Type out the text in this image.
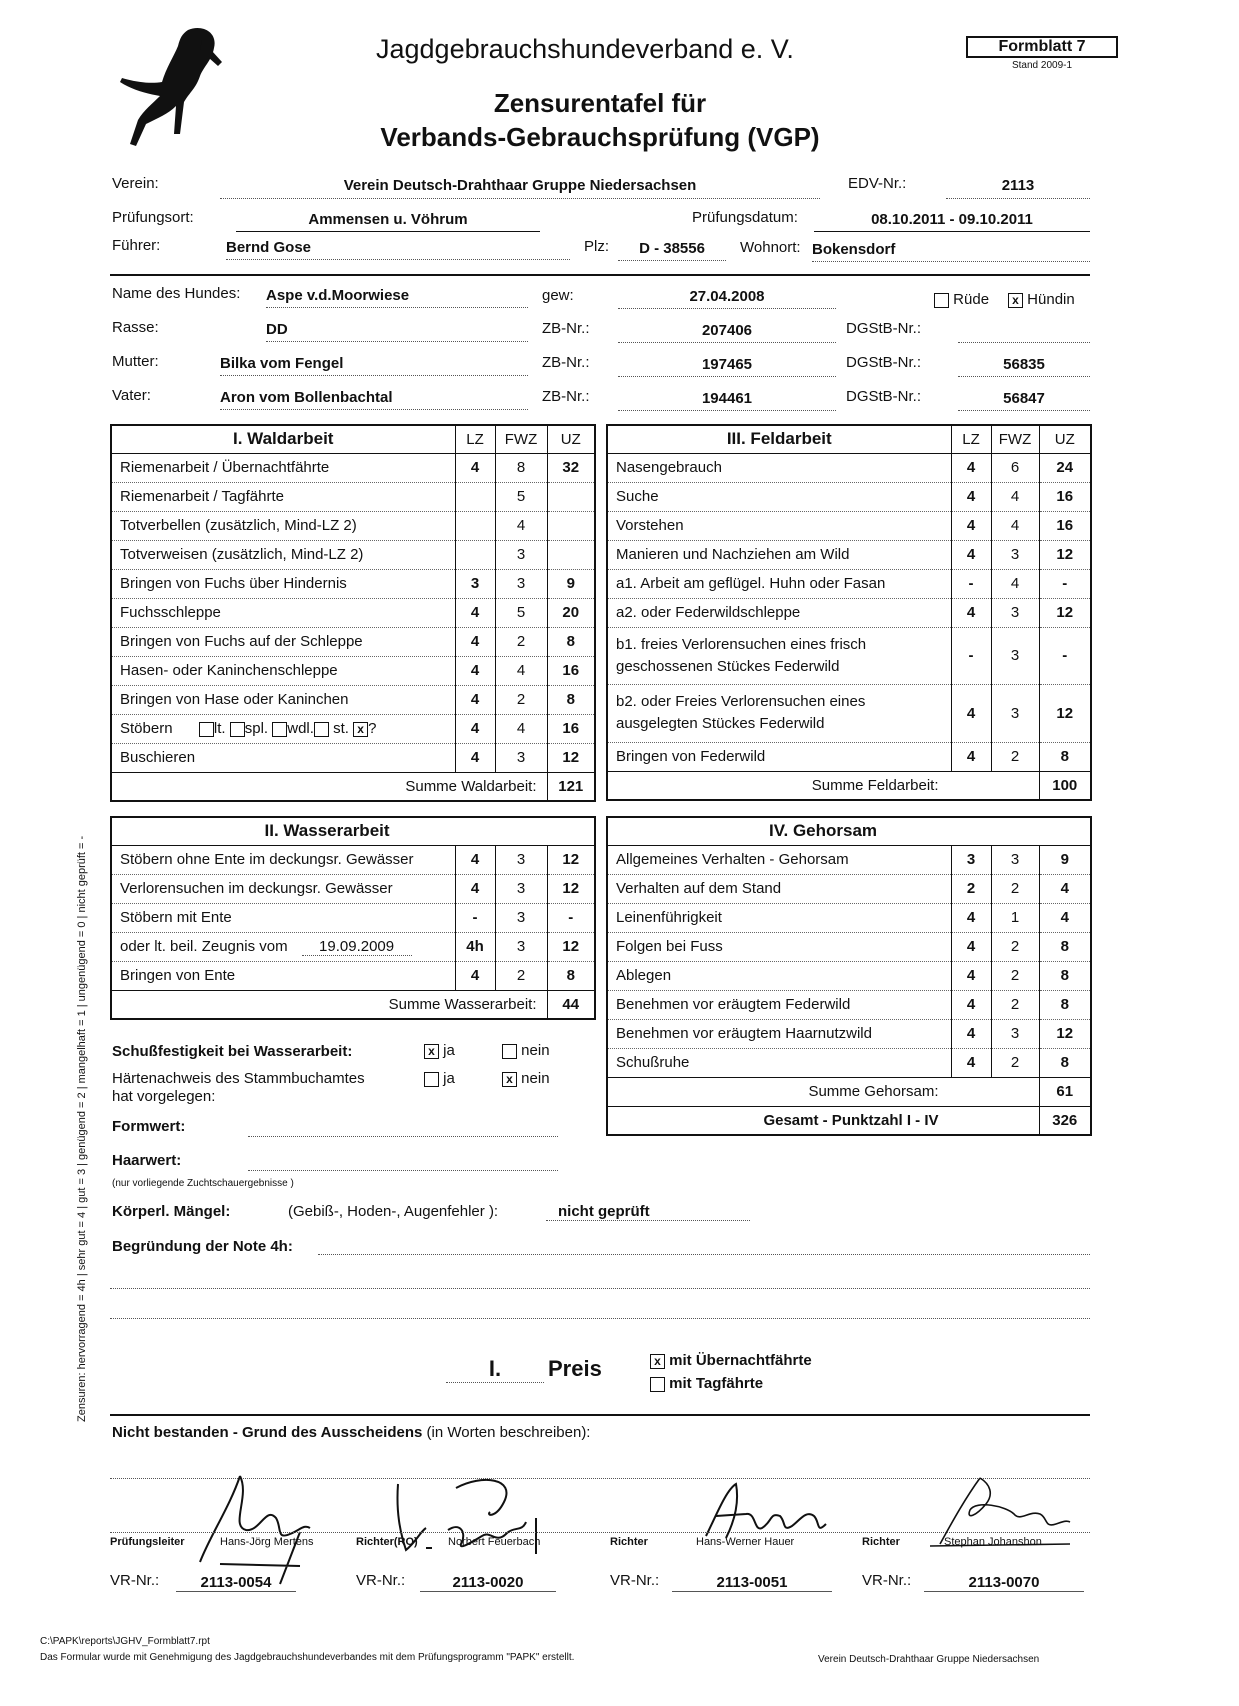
Jagdgebrauchshundeverband e. V.
Zensurentafel für
Verbands-Gebrauchsprüfung (VGP)
Formblatt 7
Stand 2009-1
Verein:	Verein Deutsch-Drahthaar Gruppe Niedersachsen	EDV-Nr.:	2113
Prüfungsort:	Ammensen u. Vöhrum	Prüfungsdatum:	08.10.2011 - 09.10.2011
Führer:	Bernd Gose	Plz:	D - 38556	Wohnort: Bokensdorf
Name des Hundes: Aspe v.d.Moorwiese	gew:	27.04.2008	Rüde	x Hündin
Rasse:	DD	ZB-Nr.:	207406	DGStB-Nr.:
Mutter:	Bilka vom Fengel	ZB-Nr.:	197465	DGStB-Nr.:	56835
Vater:	Aron vom Bollenbachtal	ZB-Nr.:	194461	DGStB-Nr.:	56847
I. Waldarbeit	LZ	FWZ	UZ
Riemenarbeit / Übernachtfährte	4	8	32
Riemenarbeit / Tagfährte		5	
Totverbellen (zusätzlich, Mind-LZ 2)		4	
Totverweisen (zusätzlich, Mind-LZ 2)		3	
Bringen von Fuchs über Hindernis	3	3	9
Fuchsschleppe	4	5	20
Bringen von Fuchs auf der Schleppe	4	2	8
Hasen- oder Kaninchenschleppe	4	4	16
Bringen von Hase oder Kaninchen	4	2	8
Stöbern lt. spl. wdl. st. x ?	4	4	16
Buschieren	4	3	12
Summe Waldarbeit:			121
III. Feldarbeit	LZ	FWZ	UZ
Nasengebrauch	4	6	24
Suche	4	4	16
Vorstehen	4	4	16
Manieren und Nachziehen am Wild	4	3	12
a1. Arbeit am geflügel. Huhn oder Fasan	-	4	-
a2. oder Federwildschleppe	4	3	12
b1. freies Verlorensuchen eines frisch
geschossenen Stückes Federwild	-	3	-
b2. oder Freies Verlorensuchen eines
ausgelegten Stückes Federwild	4	3	12
Bringen von Federwild	4	2	8
Summe Feldarbeit:			100
II. Wasserarbeit			
Stöbern ohne Ente im deckungsr. Gewässer	4	3	12
Verlorensuchen im deckungsr. Gewässer	4	3	12
Stöbern mit Ente	-	3	-
oder lt. beil. Zeugnis vom 19.09.2009	4h	3	12
Bringen von Ente	4	2	8
Summe Wasserarbeit:			44
IV. Gehorsam			
Allgemeines Verhalten - Gehorsam	3	3	9
Verhalten auf dem Stand	2	2	4
Leinenführigkeit	4	1	4
Folgen bei Fuss	4	2	8
Ablegen	4	2	8
Benehmen vor eräugtem Federwild	4	2	8
Benehmen vor eräugtem Haarnutzwild	4	3	12
Schußruhe	4	2	8
Summe Gehorsam:			61
Gesamt - Punktzahl I - IV			326
Schußfestigkeit bei Wasserarbeit:	x ja	nein
Härtenachweis des Stammbuchamtes
hat vorgelegen:
ja	x nein
Formwert:
Haarwert:
(nur vorliegende Zuchtschauergebnisse )
Körperl. Mängel:	(Gebiß-, Hoden-, Augenfehler ):	nicht geprüft
Begründung der Note 4h:
I.	Preis	x mit Übernachtfährte
mit Tagfährte
Nicht bestanden - Grund des Ausscheidens (in Worten beschreiben):
Prüfungsleiter	Hans-Jörg Mertens	Richter(RO)	Norbert Feuerbach	Richter	Hans-Werner Hauer	Richter	Stephan Johanshon
VR-Nr.:	2113-0054	VR-Nr.:	2113-0020	VR-Nr.:	2113-0051	VR-Nr.:	2113-0070
Zensuren: hervorragend = 4h | sehr gut = 4 | gut = 3 | genügend = 2 | mangelhaft = 1 | ungenügend = 0 | nicht geprüft = -
C:\PAPK\reports\JGHV_Formblatt7.rpt
Das Formular wurde mit Genehmigung des Jagdgebrauchshundeverbandes mit dem Prüfungsprogramm "PAPK" erstellt.	Verein Deutsch-Drahthaar Gruppe Niedersachsen
